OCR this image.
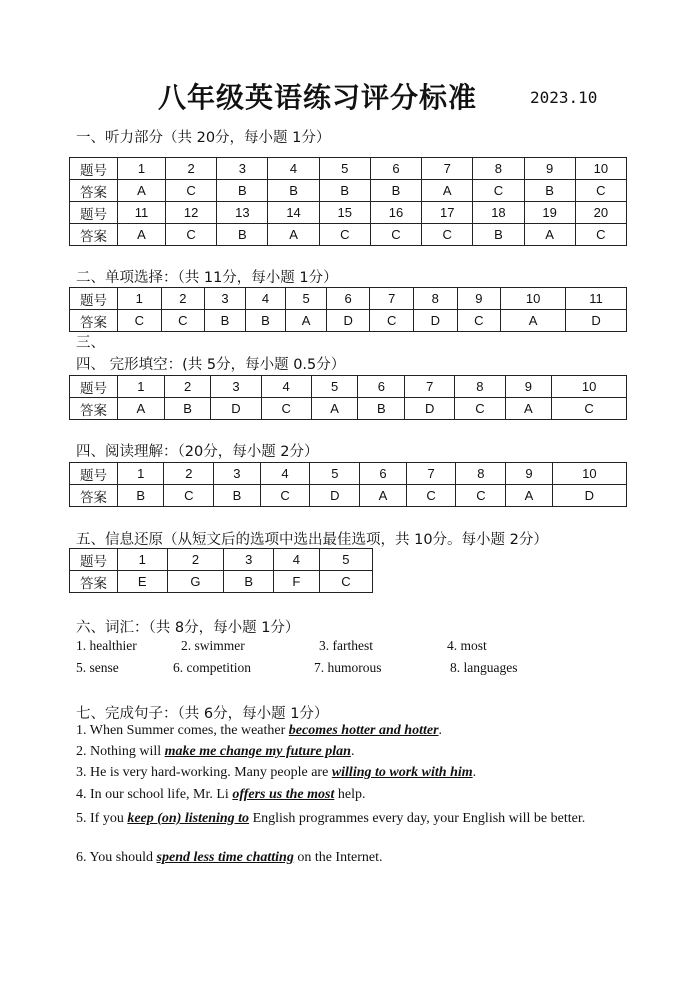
八年级英语练习评分标准	2023.10
一、听力部分（共 20分，每小题 1分）
题号	1	2	3	4	5	6	7	8	9	10
答案	A	C	B	B	B	B	A	C	B	C
题号	11	12	13	14	15	16	17	18	19	20
答案	A	C	B	A	C	C	C	B	A	C
二、单项选择：（共 11分，每小题 1分）
题号	1	2	3	4	5	6	7	8	9	10	11
答案	C	C	B	B	A	D	C	D	C	A	D
三、
四、 完形填空：(共 5分，每小题 0.5分）
题号	1	2	3	4	5	6	7	8	9	10
答案	A	B	D	C	A	B	D	C	A	C
四、阅读理解：（20分，每小题 2分）
题号	1	2	3	4	5	6	7	8	9	10
答案	B	C	B	C	D	A	C	C	A	D
五、信息还原（从短文后的选项中选出最佳选项，共 10分。每小题 2分）
题号	1	2	3	4	5
答案	E	G	B	F	C
六、词汇：（共 8分，每小题 1分）
1. healthier	2. swimmer	3. farthest	4. most
5. sense	6. competition	7. humorous	8. languages
七、完成句子：（共 6分，每小题 1分）
1. When Summer comes, the weather becomes hotter and hotter.
2. Nothing will make me change my future plan.
3. He is very hard-working. Many people are willing to work with him.
4. In our school life, Mr. Li offers us the most help.
5. If you keep (on) listening to English programmes every day, your English will be better.
6. You should spend less time chatting on the Internet.
